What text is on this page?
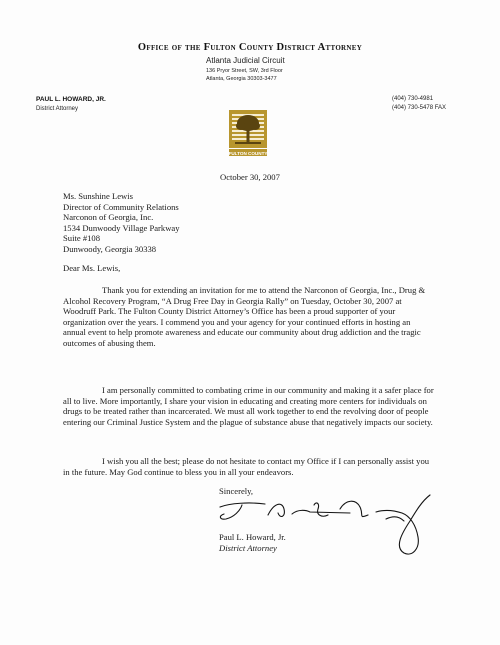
Office of the Fulton County District Attorney
Atlanta Judicial Circuit
136 Pryor Street, SW, 3rd Floor
Atlanta, Georgia 30303-3477
PAUL L. HOWARD, JR.
District Attorney
(404) 730-4981
(404) 730-5478 FAX
FULTON COUNTY
October 30, 2007
Ms. Sunshine Lewis
Director of Community Relations
Narconon of Georgia, Inc.
1534 Dunwoody Village Parkway
Suite #108
Dunwoody, Georgia 30338
Dear Ms. Lewis,
Thank you for extending an invitation for me to attend the Narconon of Georgia, Inc., Drug & Alcohol Recovery Program, “A Drug Free Day in Georgia Rally” on Tuesday, October 30, 2007 at Woodruff Park. The Fulton County District Attorney’s Office has been a proud supporter of your organization over the years. I commend you and your agency for your continued efforts in hosting an annual event to help promote awareness and educate our community about drug addiction and the tragic outcomes of abusing them.
I am personally committed to combating crime in our community and making it a safer place for all to live. More importantly, I share your vision in educating and creating more centers for individuals on drugs to be treated rather than incarcerated. We must all work together to end the revolving door of people entering our Criminal Justice System and the plague of substance abuse that negatively impacts our society.
I wish you all the best; please do not hesitate to contact my Office if I can personally assist you in the future. May God continue to bless you in all your endeavors.
Sincerely,
Paul L. Howard, Jr.
District Attorney
